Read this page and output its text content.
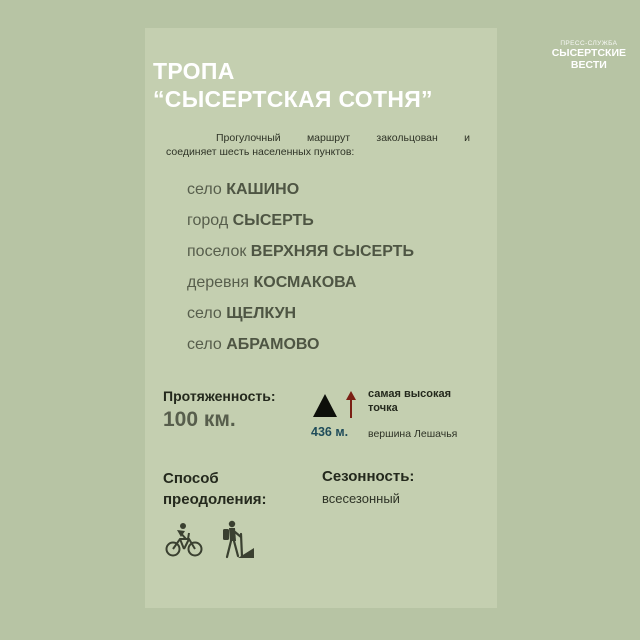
ТРОПА
“СЫСЕРТСКАЯ СОТНЯ”
ПРЕСС-СЛУЖБА
СЫСЕРТСКИЕ
ВЕСТИ
Прогулочный	маршрут	закольцован	и
соединяет шесть населенных пунктов:
село КАШИНО
город СЫСЕРТЬ
поселок ВЕРХНЯЯ СЫСЕРТЬ
деревня КОСМАКОВА
село ЩЕЛКУН
село АБРАМОВО
Протяженность:
100 км.
436 м.
самая высокая
точка
вершина Лешачья
Способ
преодоления:
Сезонность:
всесезонный
